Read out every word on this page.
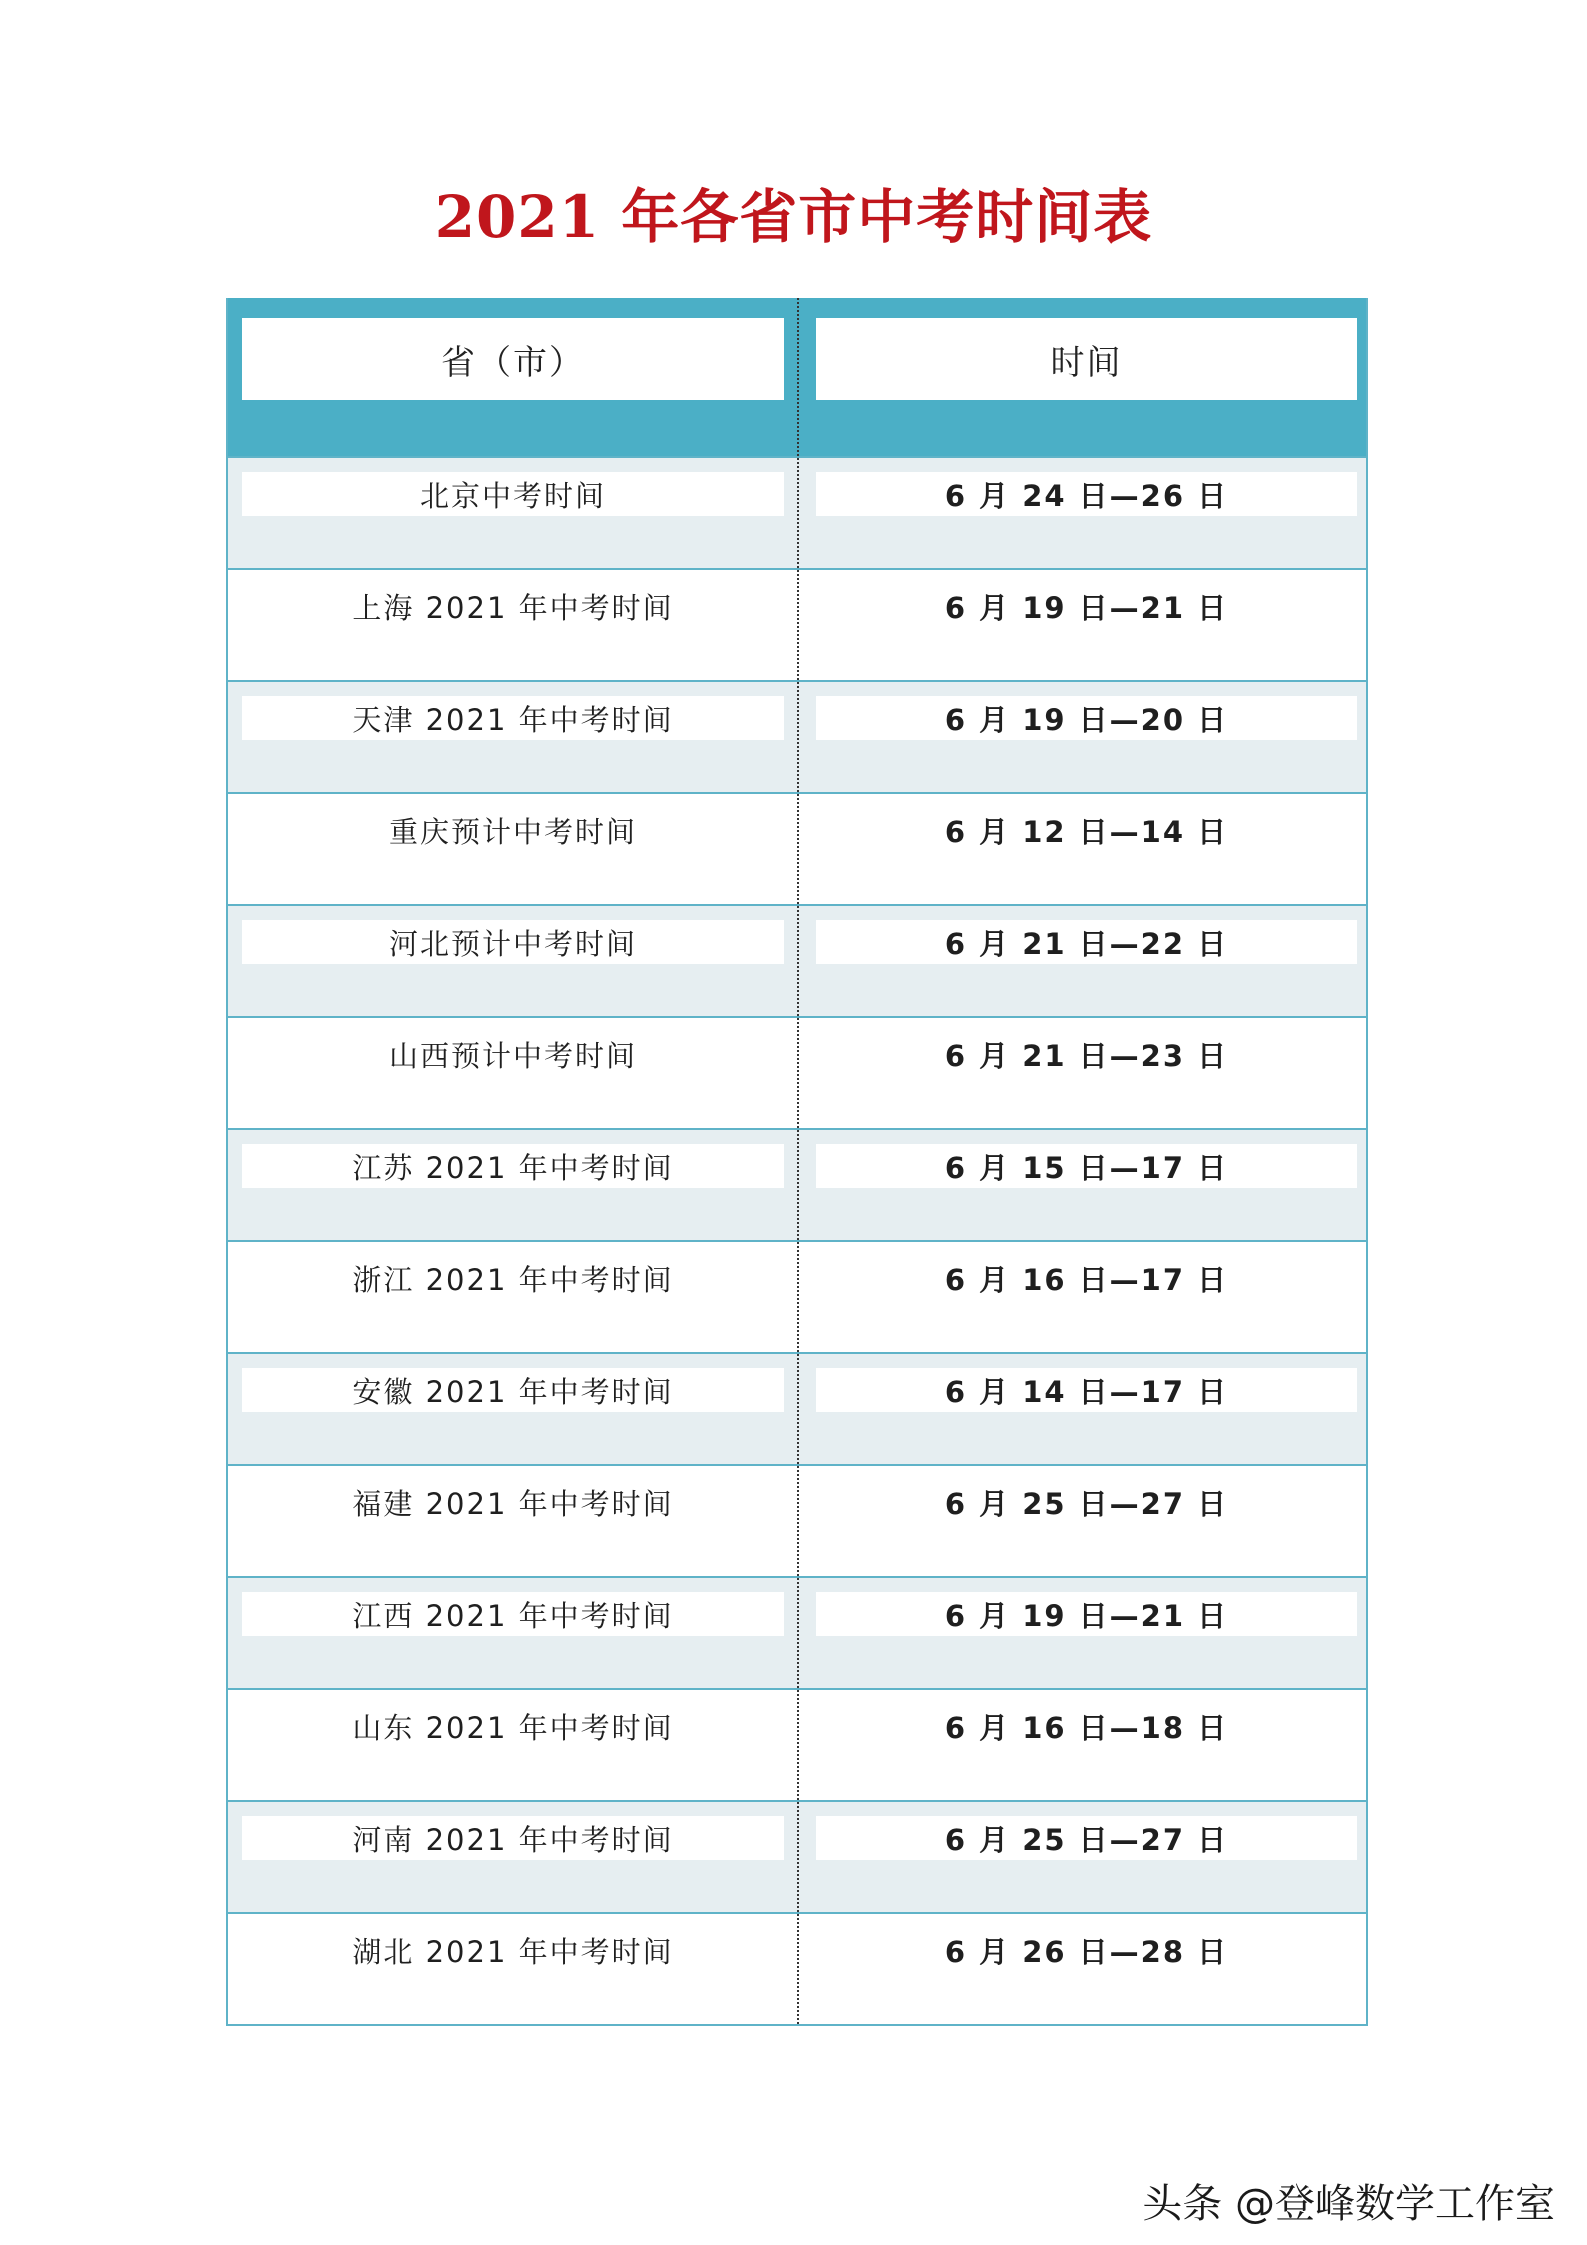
2021 年各省市中考时间表
省（市）	时间
北京中考时间	6 月 24 日—26 日
上海 2021 年中考时间	6 月 19 日—21 日
天津 2021 年中考时间	6 月 19 日—20 日
重庆预计中考时间	6 月 12 日—14 日
河北预计中考时间	6 月 21 日—22 日
山西预计中考时间	6 月 21 日—23 日
江苏 2021 年中考时间	6 月 15 日—17 日
浙江 2021 年中考时间	6 月 16 日—17 日
安徽 2021 年中考时间	6 月 14 日—17 日
福建 2021 年中考时间	6 月 25 日—27 日
江西 2021 年中考时间	6 月 19 日—21 日
山东 2021 年中考时间	6 月 16 日—18 日
河南 2021 年中考时间	6 月 25 日—27 日
湖北 2021 年中考时间	6 月 26 日—28 日
头条 @登峰数学工作室
